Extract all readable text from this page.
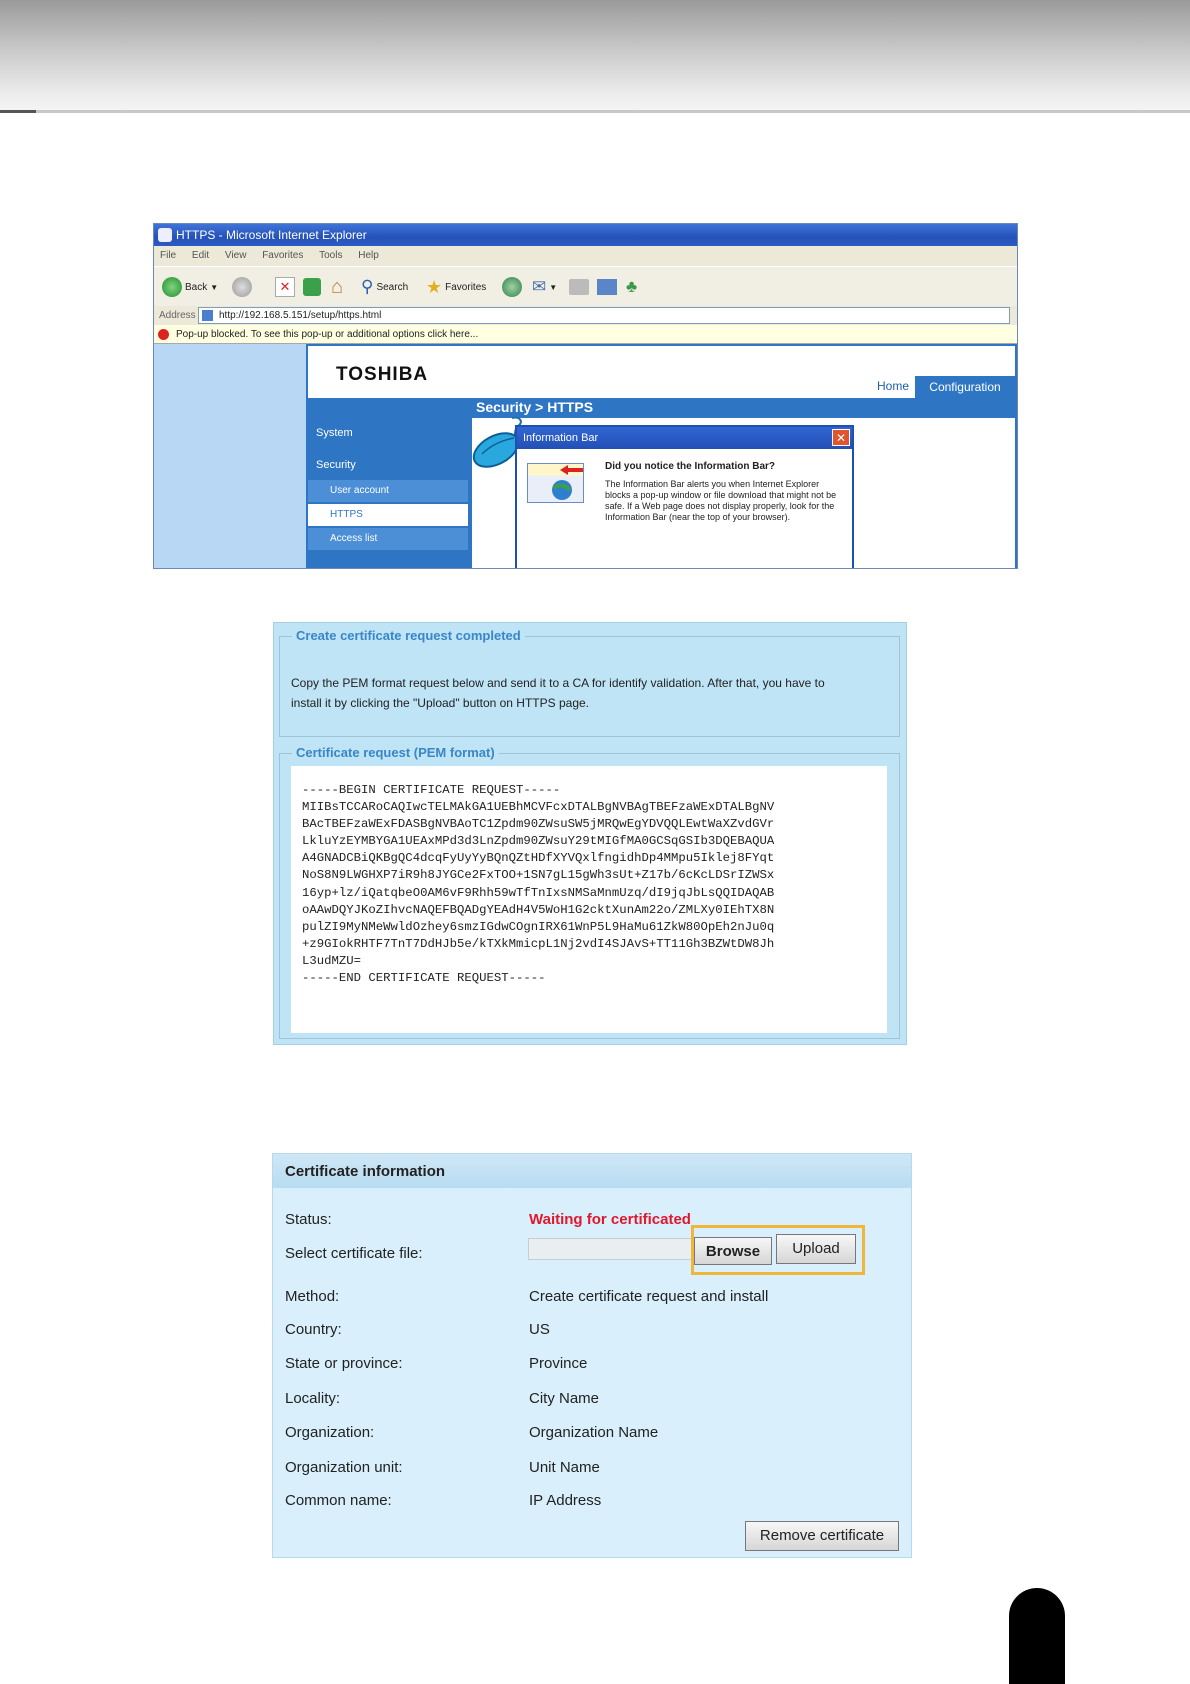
HTTPS - Microsoft Internet Explorer
File Edit View Favorites Tools Help
Back ▼	✕ ⌂ ⚲ Search ★ Favorites	✉ ▼	♣
Address http://192.168.5.151/setup/https.html
Pop-up blocked. To see this pop-up or additional options click here...
TOSHIBA
Home	Configuration
Security > HTTPS
System
Security
User account
HTTPS
Access list
Information Bar	✕
Did you notice the Information Bar?
The Information Bar alerts you when Internet Explorer blocks a pop-up window or file download that might not be safe. If a Web page does not display properly, look for the Information Bar (near the top of your browser).
Create certificate request completed
Copy the PEM format request below and send it to a CA for identify validation. After that, you have to
install it by clicking the "Upload" button on HTTPS page.
Certificate request (PEM format)
-----BEGIN CERTIFICATE REQUEST-----
MIIBsTCCARoCAQIwcTELMAkGA1UEBhMCVFcxDTALBgNVBAgTBEFzaWExDTALBgNV
BAcTBEFzaWExFDASBgNVBAoTC1Zpdm90ZWsuSW5jMRQwEgYDVQQLEwtWaXZvdGVr
LkluYzEYMBYGA1UEAxMPd3d3LnZpdm90ZWsuY29tMIGfMA0GCSqGSIb3DQEBAQUA
A4GNADCBiQKBgQC4dcqFyUyYyBQnQZtHDfXYVQxlfngidhDp4MMpu5Iklej8FYqt
NoS8N9LWGHXP7iR9h8JYGCe2FxTOO+1SN7gL15gWh3sUt+Z17b/6cKcLDSrIZWSx
16yp+lz/iQatqbeO0AM6vF9Rhh59wTfTnIxsNMSaMnmUzq/dI9jqJbLsQQIDAQAB
oAAwDQYJKoZIhvcNAQEFBQADgYEAdH4V5WoH1G2cktXunAm22o/ZMLXy0IEhTX8N
pulZI9MyNMeWwldOzhey6smzIGdwCOgnIRX61WnP5L9HaMu61ZkW80OpEh2nJu0q
+z9GIokRHTF7TnT7DdHJb5e/kTXkMmicpL1Nj2vdI4SJAvS+TT11Gh3BZWtDW8Jh
L3udMZU=
-----END CERTIFICATE REQUEST-----
Certificate information
Status:	Waiting for certificated
Select certificate file:	Browse	Upload
Method:	Create certificate request and install
Country:	US
State or province:	Province
Locality:	City Name
Organization:	Organization Name
Organization unit:	Unit Name
Common name:	IP Address
Remove certificate
